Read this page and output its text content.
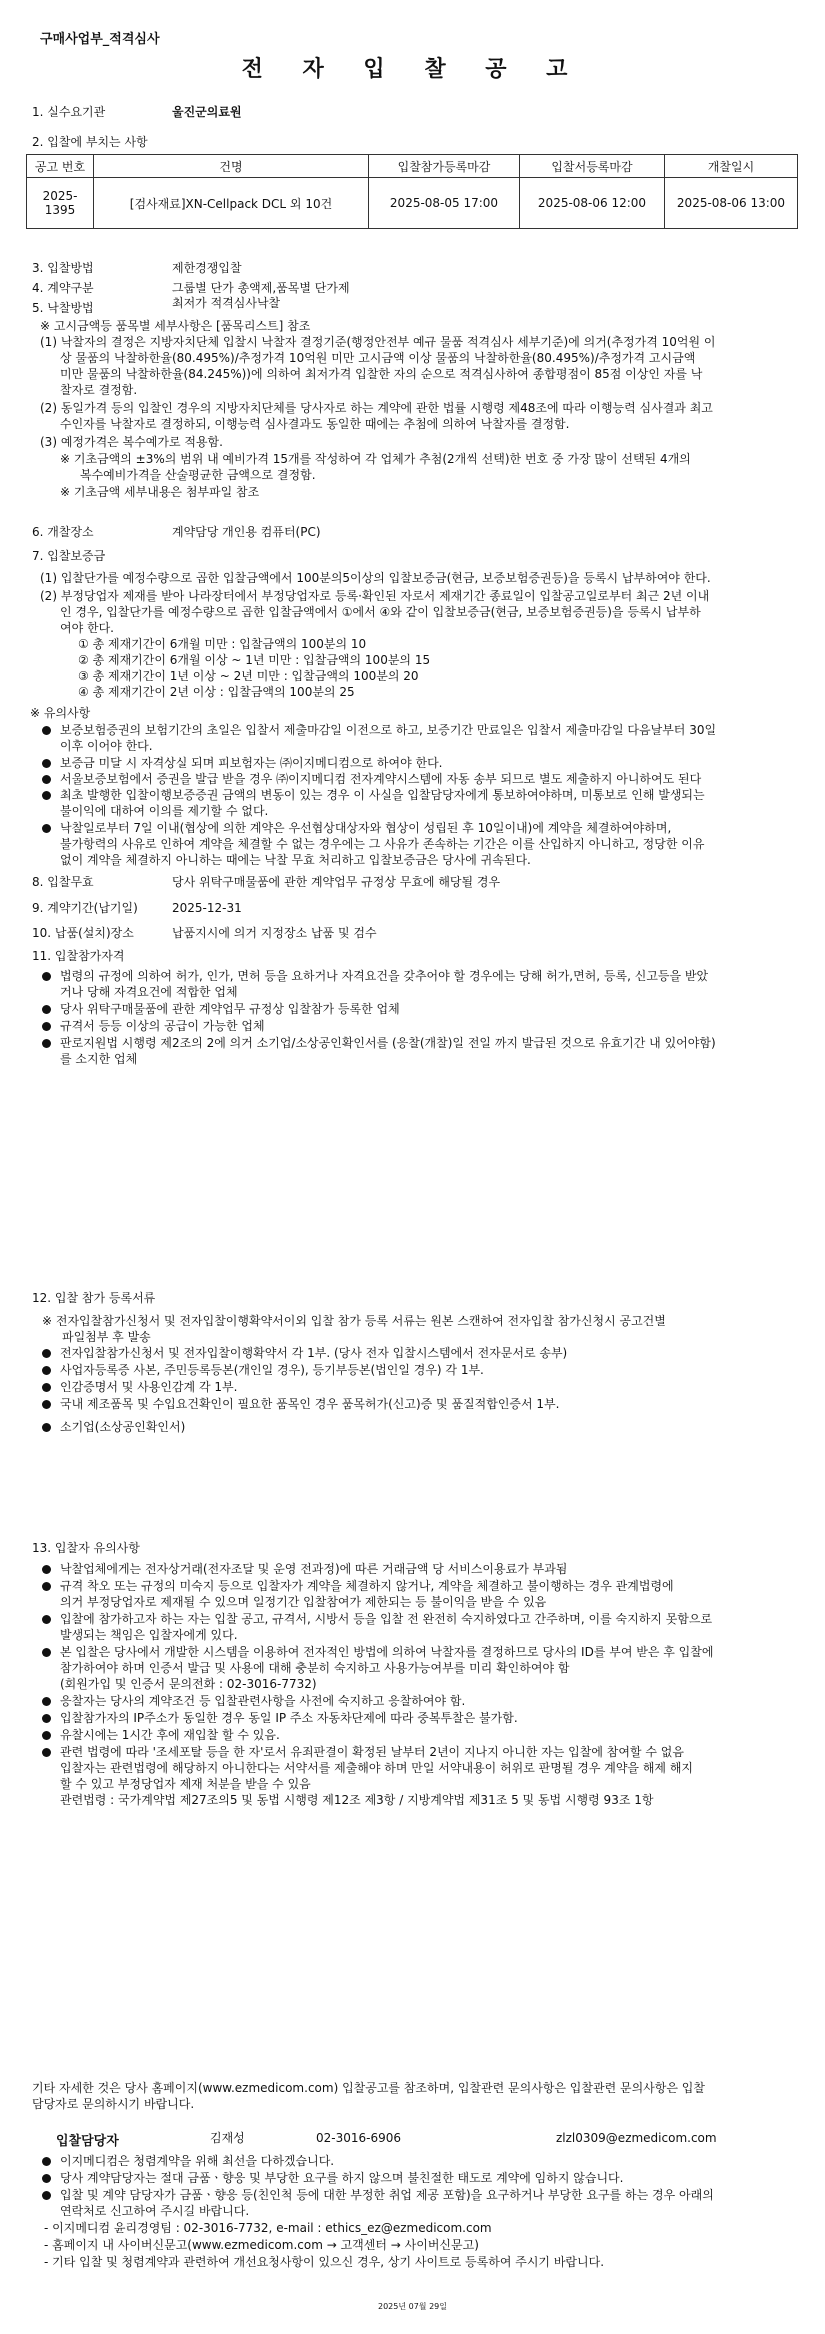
구매사업부_적격심사
전 자 입 찰 공 고
1. 실수요기관	울진군의료원
2. 입찰에 부치는 사항
공고 번호	건명	입찰참가등록마감	입찰서등록마감	개찰일시
2025-1395	[검사재료]XN-Cellpack DCL 외 10건	2025-08-05 17:00	2025-08-06 12:00	2025-08-06 13:00
3. 입찰방법	제한경쟁입찰
4. 계약구분	그룹별 단가 총액제,품목별 단가제
5. 낙찰방법	최저가 적격심사낙찰
※ 고시금액등 품목별 세부사항은 [품목리스트] 참조
(1) 낙찰자의 결정은 지방자치단체 입찰시 낙찰자 결정기준(행정안전부 예규 물품 적격심사 세부기준)에 의거(추정가격 10억원 이
상 물품의 낙찰하한율(80.495%)/추정가격 10억원 미만 고시금액 이상 물품의 낙찰하한율(80.495%)/추정가격 고시금액
미만 물품의 낙찰하한율(84.245%))에 의하여 최저가격 입찰한 자의 순으로 적격심사하여 종합평점이 85점 이상인 자를 낙
찰자로 결정함.
(2) 동일가격 등의 입찰인 경우의 지방자치단체를 당사자로 하는 계약에 관한 법률 시행령 제48조에 따라 이행능력 심사결과 최고
수인자를 낙찰자로 결정하되, 이행능력 심사결과도 동일한 때에는 추첨에 의하여 낙찰자를 결정함.
(3) 예정가격은 복수예가로 적용함.
※ 기초금액의 ±3%의 범위 내 예비가격 15개를 작성하여 각 업체가 추첨(2개씩 선택)한 번호 중 가장 많이 선택된 4개의
복수예비가격을 산술평균한 금액으로 결정함.
※ 기초금액 세부내용은 첨부파일 참조
6. 개찰장소	계약담당 개인용 컴퓨터(PC)
7. 입찰보증금
(1) 입찰단가를 예정수량으로 곱한 입찰금액에서 100분의5이상의 입찰보증금(현금, 보증보험증권등)을 등록시 납부하여야 한다.
(2) 부정당업자 제재를 받아 나라장터에서 부정당업자로 등록·확인된 자로서 제재기간 종료일이 입찰공고일로부터 최근 2년 이내
인 경우, 입찰단가를 예정수량으로 곱한 입찰금액에서 ①에서 ④와 같이 입찰보증금(현금, 보증보험증권등)을 등록시 납부하
여야 한다.
① 총 제재기간이 6개월 미만 : 입찰금액의 100분의 10
② 총 제재기간이 6개월 이상 ~ 1년 미만 : 입찰금액의 100분의 15
③ 총 제재기간이 1년 이상 ~ 2년 미만 : 입찰금액의 100분의 20
④ 총 제재기간이 2년 이상 : 입찰금액의 100분의 25
※ 유의사항
보증보험증권의 보험기간의 초일은 입찰서 제출마감일 이전으로 하고, 보증기간 만료일은 입찰서 제출마감일 다음날부터 30일
이후 이어야 한다.
보증금 미달 시 자격상실 되며 피보험자는 ㈜이지메디컴으로 하여야 한다.
서울보증보험에서 증권을 발급 받을 경우 ㈜이지메디컴 전자계약시스템에 자동 송부 되므로 별도 제출하지 아니하여도 된다
최초 발행한 입찰이행보증증권 금액의 변동이 있는 경우 이 사실을 입찰담당자에게 통보하여야하며, 미통보로 인해 발생되는
불이익에 대하여 이의를 제기할 수 없다.
낙찰일로부터 7일 이내(협상에 의한 계약은 우선협상대상자와 협상이 성립된 후 10일이내)에 계약을 체결하여야하며,
불가항력의 사유로 인하여 계약을 체결할 수 없는 경우에는 그 사유가 존속하는 기간은 이를 산입하지 아니하고, 정당한 이유
없이 계약을 체결하지 아니하는 때에는 낙찰 무효 처리하고 입찰보증금은 당사에 귀속된다.
8. 입찰무효	당사 위탁구매물품에 관한 계약업무 규정상 무효에 해당될 경우
9. 계약기간(납기일)	2025-12-31
10. 납품(설치)장소	납품지시에 의거 지정장소 납품 및 검수
11. 입찰참가자격
법령의 규정에 의하여 허가, 인가, 면허 등을 요하거나 자격요건을 갖추어야 할 경우에는 당해 허가,면허, 등록, 신고등을 받았
거나 당해 자격요건에 적합한 업체
당사 위탁구매물품에 관한 계약업무 규정상 입찰참가 등록한 업체
규격서 등등 이상의 공급이 가능한 업체
판로지원법 시행령 제2조의 2에 의거 소기업/소상공인확인서를 (응찰(개찰)일 전일 까지 발급된 것으로 유효기간 내 있어야함)
를 소지한 업체
12. 입찰 참가 등록서류
※ 전자입찰참가신청서 및 전자입찰이행확약서이외 입찰 참가 등록 서류는 원본 스캔하여 전자입찰 참가신청시 공고건별
파일첨부 후 발송
전자입찰참가신청서 및 전자입찰이행확약서 각 1부. (당사 전자 입찰시스템에서 전자문서로 송부)
사업자등록증 사본, 주민등록등본(개인일 경우), 등기부등본(법인일 경우) 각 1부.
인감증명서 및 사용인감계 각 1부.
국내 제조품목 및 수입요건확인이 필요한 품목인 경우 품목허가(신고)증 및 품질적합인증서 1부.
소기업(소상공인확인서)
13. 입찰자 유의사항
낙찰업체에게는 전자상거래(전자조달 및 운영 전과정)에 따른 거래금액 당 서비스이용료가 부과됨
규격 착오 또는 규정의 미숙지 등으로 입찰자가 계약을 체결하지 않거나, 계약을 체결하고 불이행하는 경우 관계법령에
의거 부정당업자로 제재될 수 있으며 일정기간 입찰참여가 제한되는 등 불이익을 받을 수 있음
입찰에 참가하고자 하는 자는 입찰 공고, 규격서, 시방서 등을 입찰 전 완전히 숙지하였다고 간주하며, 이를 숙지하지 못함으로
발생되는 책임은 입찰자에게 있다.
본 입찰은 당사에서 개발한 시스템을 이용하여 전자적인 방법에 의하여 낙찰자를 결정하므로 당사의 ID를 부여 받은 후 입찰에
참가하여야 하며 인증서 발급 및 사용에 대해 충분히 숙지하고 사용가능여부를 미리 확인하여야 함
(회원가입 및 인증서 문의전화 : 02-3016-7732)
응찰자는 당사의 계약조건 등 입찰관련사항을 사전에 숙지하고 응찰하여야 함.
입찰참가자의 IP주소가 동일한 경우 동일 IP 주소 자동차단제에 따라 중복투찰은 불가함.
유찰시에는 1시간 후에 재입찰 할 수 있음.
관련 법령에 따라 '조세포탈 등을 한 자'로서 유죄판결이 확정된 날부터 2년이 지나지 아니한 자는 입찰에 참여할 수 없음
입찰자는 관련법령에 해당하지 아니한다는 서약서를 제출해야 하며 만일 서약내용이 허위로 판명될 경우 계약을 해제 해지
할 수 있고 부정당업자 제재 처분을 받을 수 있음
관련법령 : 국가계약법 제27조의5 및 동법 시행령 제12조 제3항 / 지방계약법 제31조 5 및 동법 시행령 93조 1항
기타 자세한 것은 당사 홈페이지(www.ezmedicom.com) 입찰공고를 참조하며, 입찰관련 문의사항은 입찰관련 문의사항은 입찰
담당자로 문의하시기 바랍니다.
입찰담당자	김재성	02-3016-6906	zlzl0309@ezmedicom.com
이지메디컴은 청렴계약을 위해 최선을 다하겠습니다.
당사 계약담당자는 절대 금품ㆍ향응 및 부당한 요구를 하지 않으며 불친절한 태도로 계약에 임하지 않습니다.
입찰 및 계약 담당자가 금품ㆍ향응 등(친인척 등에 대한 부정한 취업 제공 포함)을 요구하거나 부당한 요구를 하는 경우 아래의
연락처로 신고하여 주시길 바랍니다.
- 이지메디컴 윤리경영팀 : 02-3016-7732, e-mail : ethics_ez@ezmedicom.com
- 홈페이지 내 사이버신문고(www.ezmedicom.com → 고객센터 → 사이버신문고)
- 기타 입찰 및 청렴계약과 관련하여 개선요청사항이 있으신 경우, 상기 사이트로 등록하여 주시기 바랍니다.
2025년 07월 29일
